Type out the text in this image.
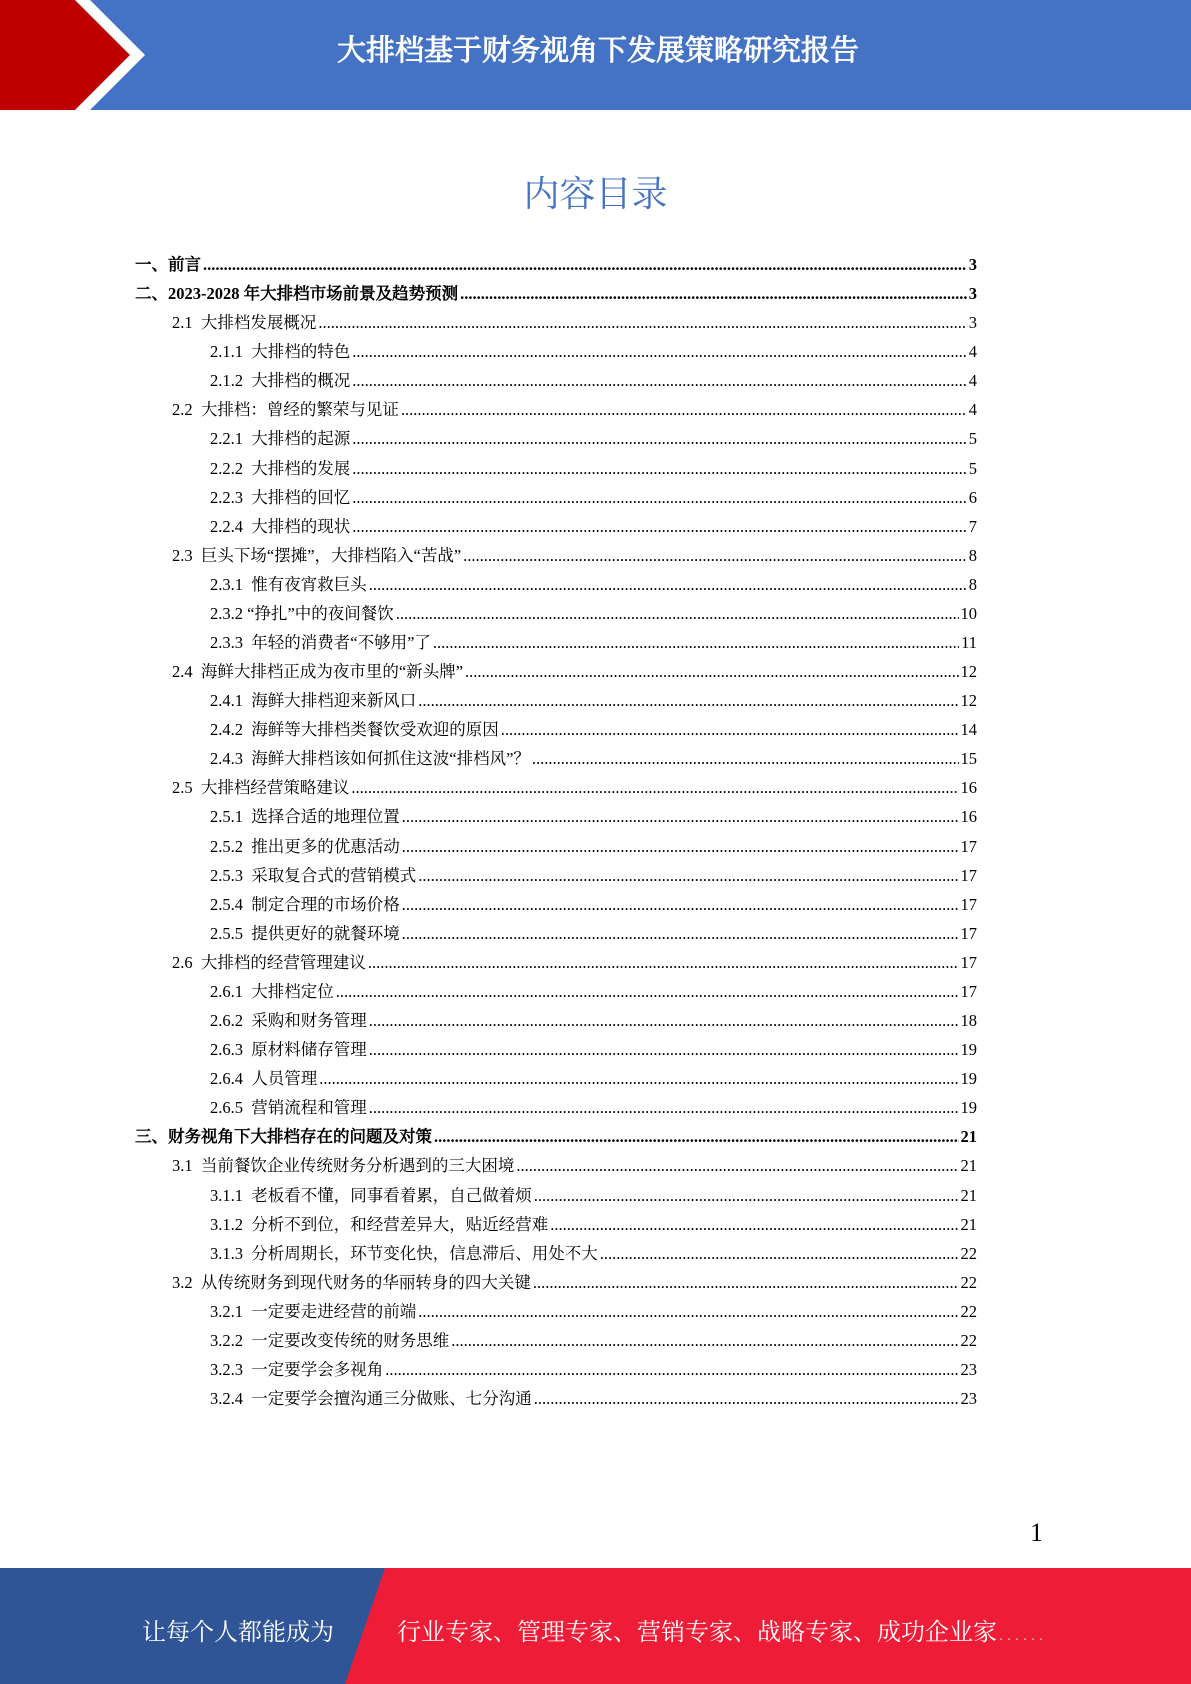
大排档基于财务视角下发展策略研究报告
内容目录
一、前言 .....	3
二、2023-2028 年大排档市场前景及趋势预测 .....	3
2.1  大排档发展概况 .....	3
2.1.1  大排档的特色 .....	4
2.1.2  大排档的概况 .....	4
2.2  大排档：曾经的繁荣与见证 .....	4
2.2.1  大排档的起源 .....	5
2.2.2  大排档的发展 .....	5
2.2.3  大排档的回忆 .....	6
2.2.4  大排档的现状 .....	7
2.3  巨头下场“摆摊”，大排档陷入“苦战” .....	8
2.3.1  惟有夜宵救巨头 .....	8
2.3.2 “挣扎”中的夜间餐饮 .....	10
2.3.3  年轻的消费者“不够用”了 .....	11
2.4  海鲜大排档正成为夜市里的“新头牌” .....	12
2.4.1  海鲜大排档迎来新风口 .....	12
2.4.2  海鲜等大排档类餐饮受欢迎的原因 .....	14
2.4.3  海鲜大排档该如何抓住这波“排档风”？ .....	15
2.5  大排档经营策略建议 .....	16
2.5.1  选择合适的地理位置 .....	16
2.5.2  推出更多的优惠活动 .....	17
2.5.3  采取复合式的营销模式 .....	17
2.5.4  制定合理的市场价格 .....	17
2.5.5  提供更好的就餐环境 .....	17
2.6  大排档的经营管理建议 .....	17
2.6.1  大排档定位 .....	17
2.6.2  采购和财务管理 .....	18
2.6.3  原材料储存管理 .....	19
2.6.4  人员管理 .....	19
2.6.5  营销流程和管理 .....	19
三、财务视角下大排档存在的问题及对策 .....	21
3.1  当前餐饮企业传统财务分析遇到的三大困境 .....	21
3.1.1  老板看不懂，同事看着累，自己做着烦 .....	21
3.1.2  分析不到位，和经营差异大，贴近经营难 .....	21
3.1.3  分析周期长，环节变化快，信息滞后、用处不大 .....	22
3.2  从传统财务到现代财务的华丽转身的四大关键 .....	22
3.2.1  一定要走进经营的前端 .....	22
3.2.2  一定要改变传统的财务思维 .....	22
3.2.3  一定要学会多视角 .....	23
3.2.4  一定要学会擅沟通三分做账、七分沟通 .....	23
1
让每个人都能成为	行业专家、管理专家、营销专家、战略专家、成功企业家……
